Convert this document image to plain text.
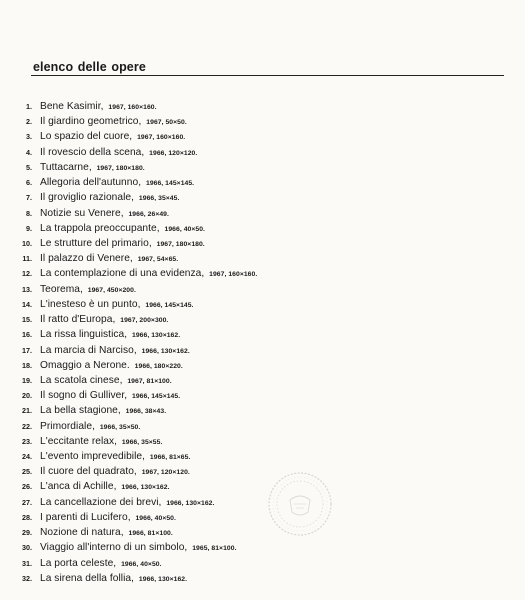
elenco delle opere
1. Bene Kasimir, 1967, 160×160.
2. Il giardino geometrico, 1967, 50×50.
3. Lo spazio del cuore, 1967, 160×160.
4. Il rovescio della scena, 1966, 120×120.
5. Tuttacarne, 1967, 180×180.
6. Allegoria dell'autunno, 1966, 145×145.
7. Il groviglio razionale, 1966, 35×45.
8. Notizie su Venere, 1966, 26×49.
9. La trappola preoccupante, 1966, 40×50.
10. Le strutture del primario, 1967, 180×180.
11. Il palazzo di Venere, 1967, 54×65.
12. La contemplazione di una evidenza, 1967, 160×160.
13. Teorema, 1967, 450×200.
14. L'inesteso è un punto, 1966, 145×145.
15. Il ratto d'Europa, 1967, 200×300.
16. La rissa linguistica, 1966, 130×162.
17. La marcia di Narciso, 1966, 130×162.
18. Omaggio a Nerone. 1966, 180×220.
19. La scatola cinese, 1967, 81×100.
20. Il sogno di Gulliver, 1966, 145×145.
21. La bella stagione, 1966, 38×43.
22. Primordiale, 1966, 35×50.
23. L'eccitante relax, 1966, 35×55.
24. L'evento imprevedibile, 1966, 81×65.
25. Il cuore del quadrato, 1967, 120×120.
26. L'anca di Achille, 1966, 130×162.
27. La cancellazione dei brevi, 1966, 130×162.
28. I parenti di Lucifero, 1966, 40×50.
29. Nozione di natura, 1966, 81×100.
30. Viaggio all'interno di un simbolo, 1965, 81×100.
31. La porta celeste, 1966, 40×50.
32. La sirena della follia, 1966, 130×162.
